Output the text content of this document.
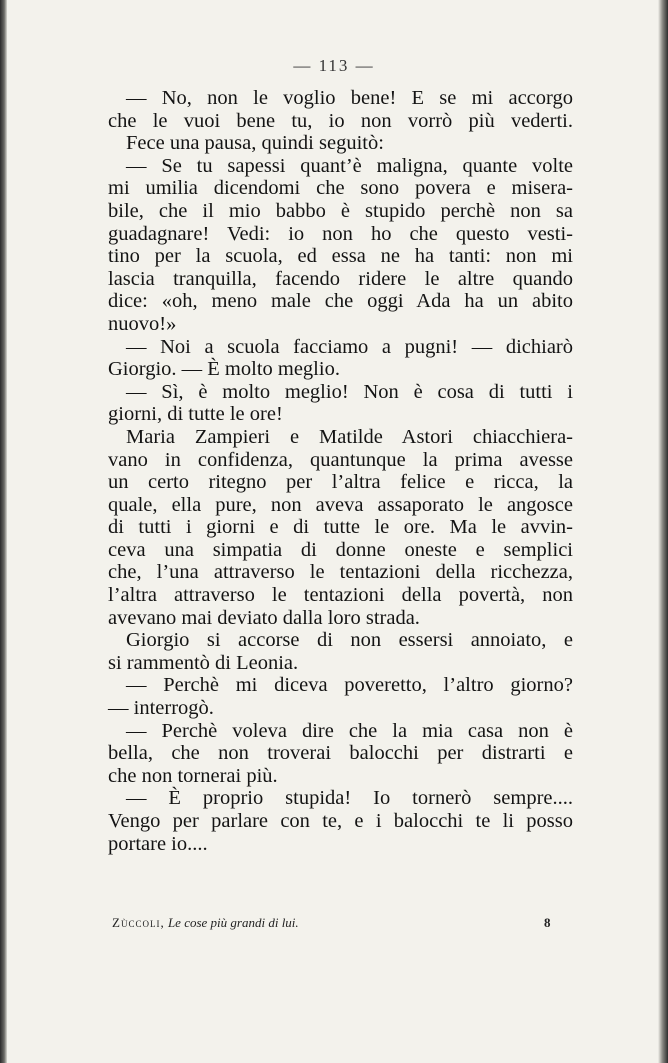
— 113 —
— No, non le voglio bene! E se mi accorgo
che le vuoi bene tu, io non vorrò più vederti.
Fece una pausa, quindi seguitò:
— Se tu sapessi quant’è maligna, quante volte
mi umilia dicendomi che sono povera e misera-
bile, che il mio babbo è stupido perchè non sa
guadagnare! Vedi: io non ho che questo vesti-
tino per la scuola, ed essa ne ha tanti: non mi
lascia tranquilla, facendo ridere le altre quando
dice: «oh, meno male che oggi Ada ha un abito
nuovo!»
— Noi a scuola facciamo a pugni! — dichiarò
Giorgio. — È molto meglio.
— Sì, è molto meglio! Non è cosa di tutti i
giorni, di tutte le ore!
Maria Zampieri e Matilde Astori chiacchiera-
vano in confidenza, quantunque la prima avesse
un certo ritegno per l’altra felice e ricca, la
quale, ella pure, non aveva assaporato le angosce
di tutti i giorni e di tutte le ore. Ma le avvin-
ceva una simpatia di donne oneste e semplici
che, l’una attraverso le tentazioni della ricchezza,
l’altra attraverso le tentazioni della povertà, non
avevano mai deviato dalla loro strada.
Giorgio si accorse di non essersi annoiato, e
si rammentò di Leonia.
— Perchè mi diceva poveretto, l’altro giorno?
— interrogò.
— Perchè voleva dire che la mia casa non è
bella, che non troverai balocchi per distrarti e
che non tornerai più.
— È proprio stupida! Io tornerò sempre....
Vengo per parlare con te, e i balocchi te li posso
portare io....
Zùccoli, Le cose più grandi di lui.	8
